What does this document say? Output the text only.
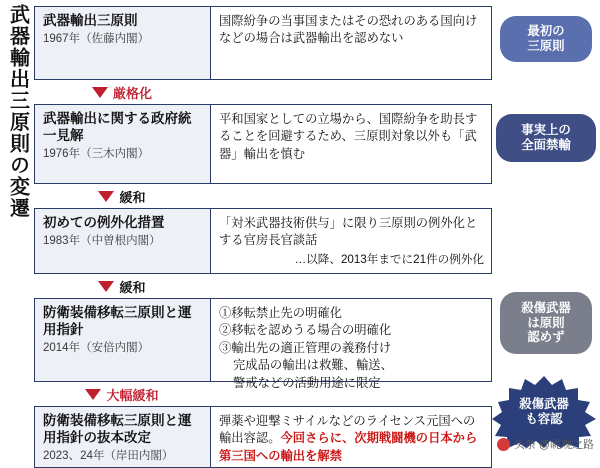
武器輸出三原則の変遷 武器輸出三原則
1967年（佐藤内閣）
国際紛争の当事国またはその恐れのある国向けなどの場合は武器輸出を認めない
厳格化
武器輸出に関する政府統一見解
1976年（三木内閣）
平和国家としての立場から、国際紛争を助長することを回避するため、三原則対象以外も「武器」輸出を慎む
緩和
初めての例外化措置
1983年（中曽根内閣）
「対米武器技術供与」に限り三原則の例外化とする官房長官談話
…以降、2013年までに21件の例外化
緩和
防衛装備移転三原則と運用指針
2014年（安倍内閣）
①移転禁止先の明確化
②移転を認めうる場合の明確化
③輸出先の適正管理の義務付け
完成品の輸出は救難、輸送、
警戒などの活動用途に限定
大幅緩和
防衛装備移転三原則と運用指針の抜本改定
2023、24年（岸田内閣）
弾薬や迎撃ミサイルなどのライセンス元国への輸出容認。今回さらに、次期戦闘機の日本から第三国への輸出を解禁
最初の
三原則
事実上の
全面禁輸
殺傷武器
は原則
認めず
殺傷武器
も容認
头条 @眺观之路
